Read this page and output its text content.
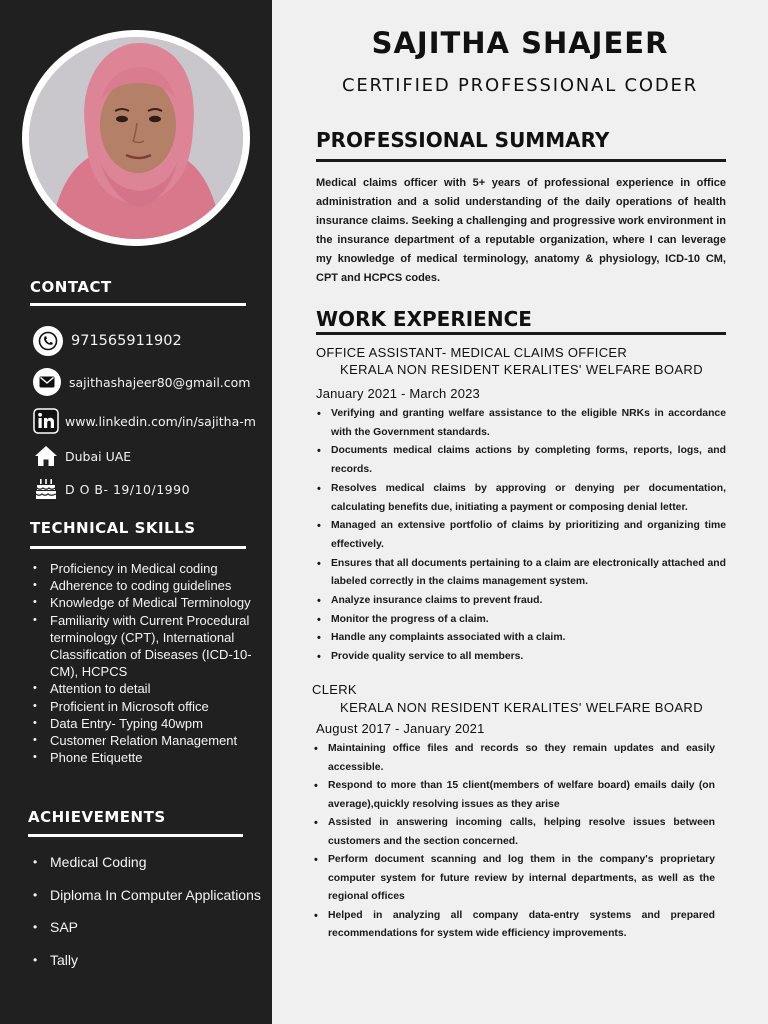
CONTACT
971565911902
sajithashajeer80@gmail.com
www.linkedin.com/in/sajitha-m
Dubai UAE
D O B- 19/10/1990
TECHNICAL SKILLS
• Proficiency in Medical coding
• Adherence to coding guidelines
• Knowledge of Medical Terminology
• Familiarity with Current Procedural terminology (CPT), International Classification of Diseases (ICD-10- CM), HCPCS
• Attention to detail
• Proficient in Microsoft office
• Data Entry- Typing 40wpm
• Customer Relation Management
• Phone Etiquette
ACHIEVEMENTS
• Medical Coding
• Diploma In Computer Applications
• SAP
• Tally
SAJITHA SHAJEER
CERTIFIED PROFESSIONAL CODER
PROFESSIONAL SUMMARY

Medical claims officer with 5+ years of professional experience in office administration and a solid understanding of the daily operations of health insurance claims. Seeking a challenging and progressive work environment in the insurance department of a reputable organization, where I can leverage my knowledge of medical terminology, anatomy & physiology, ICD-10 CM, CPT and HCPCS codes.

WORK EXPERIENCE
OFFICE ASSISTANT- MEDICAL CLAIMS OFFICER
KERALA NON RESIDENT KERALITES' WELFARE BOARD
January 2021 - March 2023
• Verifying and granting welfare assistance to the eligible NRKs in accordance with the Government standards.
• Documents medical claims actions by completing forms, reports, logs, and records.
• Resolves medical claims by approving or denying per documentation, calculating benefits due, initiating a payment or composing denial letter.
• Managed an extensive portfolio of claims by prioritizing and organizing time effectively.
• Ensures that all documents pertaining to a claim are electronically attached and labeled correctly in the claims management system.
• Analyze insurance claims to prevent fraud.
• Monitor the progress of a claim.
• Handle any complaints associated with a claim.
• Provide quality service to all members.
CLERK
KERALA NON RESIDENT KERALITES' WELFARE BOARD
August 2017 - January 2021
• Maintaining office files and records so they remain updates and easily accessible.
• Respond to more than 15 client(members of welfare board) emails daily (on average),quickly resolving issues as they arise
• Assisted in answering incoming calls, helping resolve issues between customers and the section concerned.
• Perform document scanning and log them in the company's proprietary computer system for future review by internal departments, as well as the regional offices
• Helped in analyzing all company data-entry systems and prepared recommendations for system wide efficiency improvements.
